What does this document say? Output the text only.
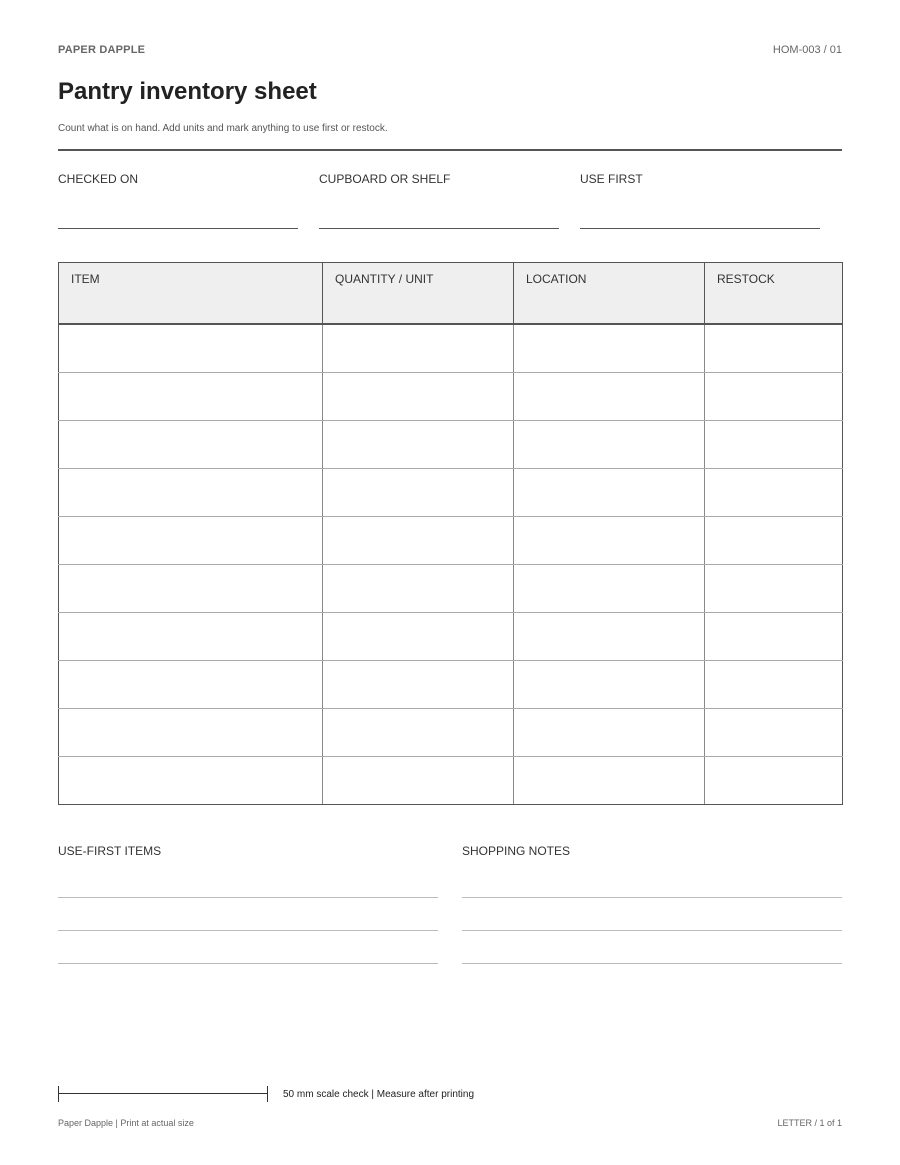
PAPER DAPPLE	HOM-003 / 01
Pantry inventory sheet
Count what is on hand. Add units and mark anything to use first or restock.
CHECKED ON	CUPBOARD OR SHELF	USE FIRST
ITEM	QUANTITY / UNIT	LOCATION	RESTOCK

USE-FIRST ITEMS	SHOPPING NOTES
50 mm scale check | Measure after printing
Paper Dapple | Print at actual size	LETTER / 1 of 1
